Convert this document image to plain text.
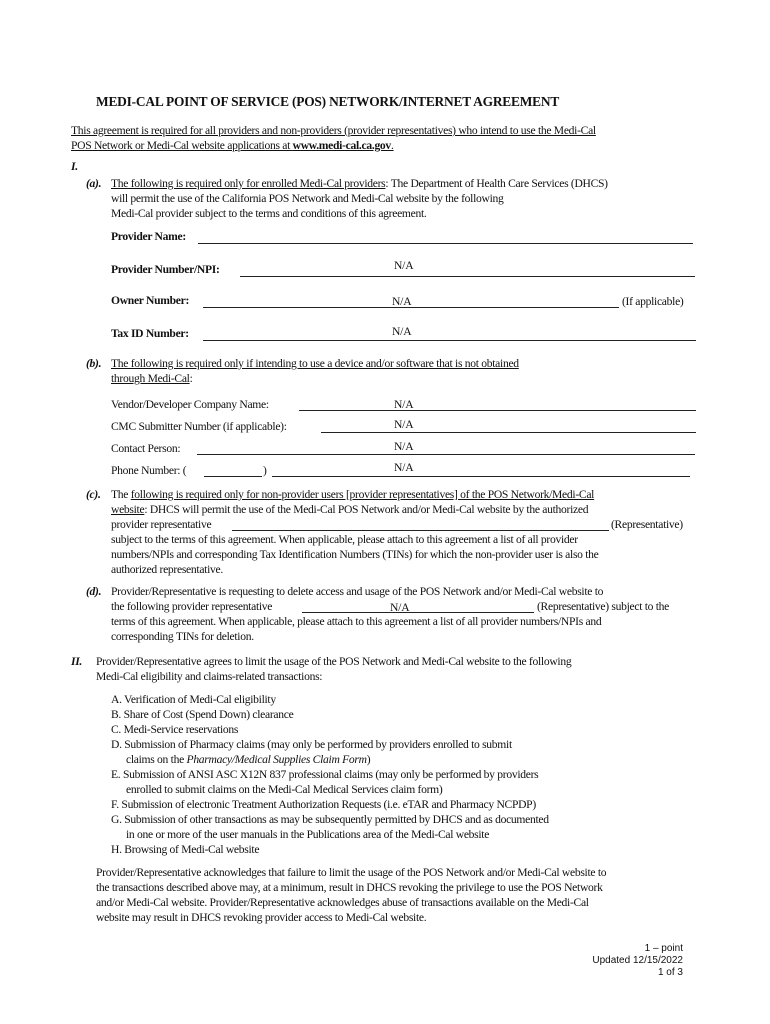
MEDI-CAL POINT OF SERVICE (POS) NETWORK/INTERNET AGREEMENT
This agreement is required for all providers and non-providers (provider representatives) who intend to use the Medi-Cal
POS Network or Medi-Cal website applications at www.medi-cal.ca.gov.
I.
(a). The following is required only for enrolled Medi-Cal providers: The Department of Health Care Services (DHCS)
will permit the use of the California POS Network and Medi-Cal website by the following
Medi-Cal provider subject to the terms and conditions of this agreement.
Provider Name:
Provider Number/NPI:	N/A
Owner Number:	N/A	(If applicable)
Tax ID Number:	N/A
(b). The following is required only if intending to use a device and/or software that is not obtained
through Medi-Cal:
Vendor/Developer Company Name:	N/A
CMC Submitter Number (if applicable):	N/A
Contact Person:	N/A
Phone Number: (	)	N/A
(c). The following is required only for non-provider users [provider representatives] of the POS Network/Medi-Cal
website: DHCS will permit the use of the Medi-Cal POS Network and/or Medi-Cal website by the authorized
provider representative	(Representative)
subject to the terms of this agreement. When applicable, please attach to this agreement a list of all provider
numbers/NPIs and corresponding Tax Identification Numbers (TINs) for which the non-provider user is also the
authorized representative.
(d). Provider/Representative is requesting to delete access and usage of the POS Network and/or Medi-Cal website to
the following provider representative	N/A	(Representative) subject to the
terms of this agreement. When applicable, please attach to this agreement a list of all provider numbers/NPIs and
corresponding TINs for deletion.
II. Provider/Representative agrees to limit the usage of the POS Network and Medi-Cal website to the following
Medi-Cal eligibility and claims-related transactions:
A. Verification of Medi-Cal eligibility
B. Share of Cost (Spend Down) clearance
C. Medi-Service reservations
D. Submission of Pharmacy claims (may only be performed by providers enrolled to submit
claims on the Pharmacy/Medical Supplies Claim Form)
E. Submission of ANSI ASC X12N 837 professional claims (may only be performed by providers
enrolled to submit claims on the Medi-Cal Medical Services claim form)
F. Submission of electronic Treatment Authorization Requests (i.e. eTAR and Pharmacy NCPDP)
G. Submission of other transactions as may be subsequently permitted by DHCS and as documented
in one or more of the user manuals in the Publications area of the Medi-Cal website
H. Browsing of Medi-Cal website
Provider/Representative acknowledges that failure to limit the usage of the POS Network and/or Medi-Cal website to
the transactions described above may, at a minimum, result in DHCS revoking the privilege to use the POS Network
and/or Medi-Cal website. Provider/Representative acknowledges abuse of transactions available on the Medi-Cal
website may result in DHCS revoking provider access to Medi-Cal website.
1 – point
Updated 12/15/2022
1 of 3
